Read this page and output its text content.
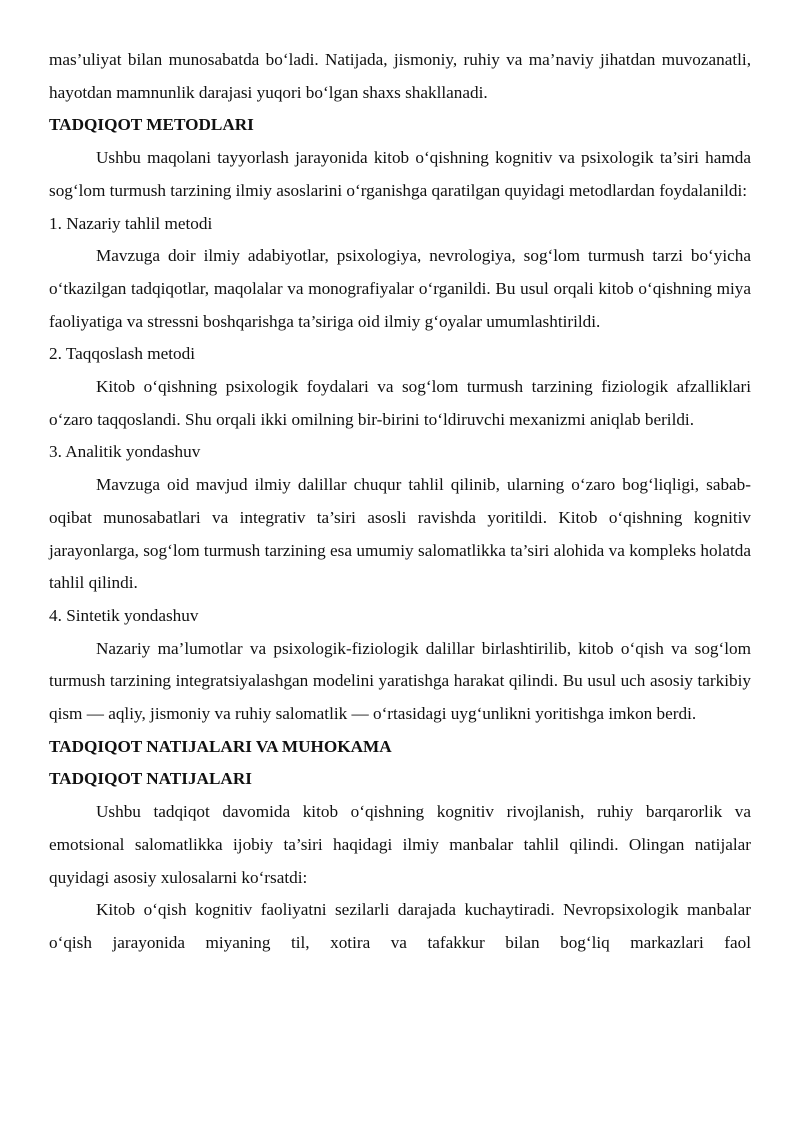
mas’uliyat bilan munosabatda bo‘ladi. Natijada, jismoniy, ruhiy va ma’naviy jihatdan muvozanatli, hayotdan mamnunlik darajasi yuqori bo‘lgan shaxs shakllanadi.

TADQIQOT METODLARI

Ushbu maqolani tayyorlash jarayonida kitob o‘qishning kognitiv va psixologik ta’siri hamda sog‘lom turmush tarzining ilmiy asoslarini o‘rganishga qaratilgan quyidagi metodlardan foydalanildi:

1. Nazariy tahlil metodi

Mavzuga doir ilmiy adabiyotlar, psixologiya, nevrologiya, sog‘lom turmush tarzi bo‘yicha o‘tkazilgan tadqiqotlar, maqolalar va monografiyalar o‘rganildi. Bu usul orqali kitob o‘qishning miya faoliyatiga va stressni boshqarishga ta’siriga oid ilmiy g‘oyalar umumlashtirildi.

2. Taqqoslash metodi

Kitob o‘qishning psixologik foydalari va sog‘lom turmush tarzining fiziologik afzalliklari o‘zaro taqqoslandi. Shu orqali ikki omilning bir-birini to‘ldiruvchi mexanizmi aniqlab berildi.

3. Analitik yondashuv

Mavzuga oid mavjud ilmiy dalillar chuqur tahlil qilinib, ularning o‘zaro bog‘liqligi, sabab-oqibat munosabatlari va integrativ ta’siri asosli ravishda yoritildi. Kitob o‘qishning kognitiv jarayonlarga, sog‘lom turmush tarzining esa umumiy salomatlikka ta’siri alohida va kompleks holatda tahlil qilindi.

4. Sintetik yondashuv

Nazariy ma’lumotlar va psixologik-fiziologik dalillar birlashtirilib, kitob o‘qish va sog‘lom turmush tarzining integratsiyalashgan modelini yaratishga harakat qilindi. Bu usul uch asosiy tarkibiy qism — aqliy, jismoniy va ruhiy salomatlik — o‘rtasidagi uyg‘unlikni yoritishga imkon berdi.

TADQIQOT NATIJALARI VA MUHOKAMA
TADQIQOT NATIJALARI

Ushbu tadqiqot davomida kitob o‘qishning kognitiv rivojlanish, ruhiy barqarorlik va emotsional salomatlikka ijobiy ta’siri haqidagi ilmiy manbalar tahlil qilindi. Olingan natijalar quyidagi asosiy xulosalarni ko‘rsatdi:

Kitob o‘qish kognitiv faoliyatni sezilarli darajada kuchaytiradi. Nevropsixologik manbalar o‘qish jarayonida miyaning til, xotira va tafakkur bilan bog‘liq markazlari faol
